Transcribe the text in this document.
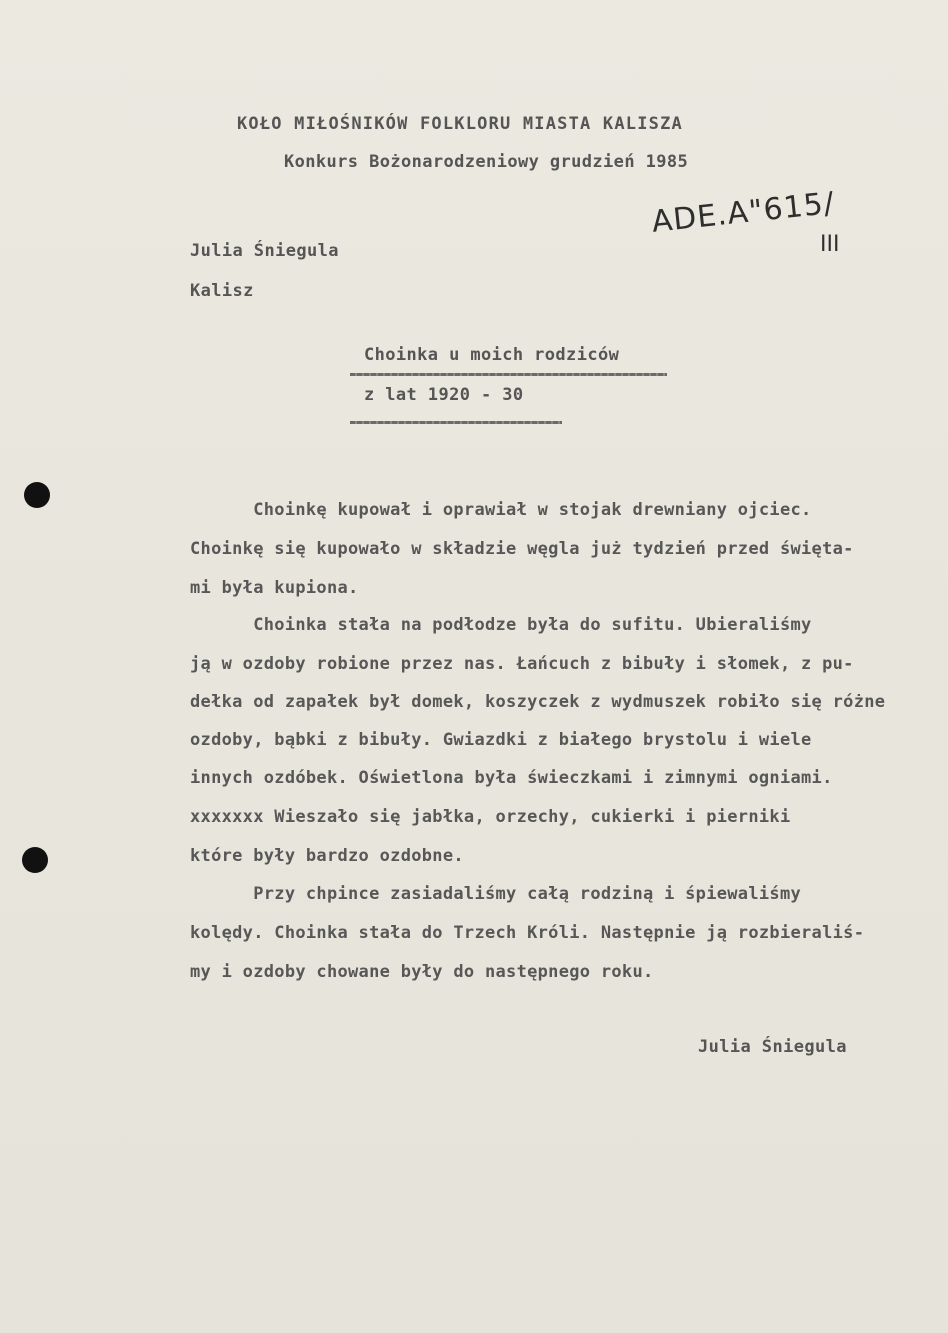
KOŁO MIŁOŚNIKÓW FOLKLORU MIASTA KALISZA
Konkurs Bożonarodzeniowy grudzień 1985
ADE.A"615/
III
Julia Śniegula
Kalisz
Choinka u moich rodziców
z lat 1920 - 30
Choinkę kupował i oprawiał w stojak drewniany ojciec.
Choinkę się kupowało w składzie węgla już tydzień przed świętа-
mi była kupiona.
Choinka stała na podłodze była do sufitu. Ubieraliśmy
ją w ozdoby robione przez nas. Łańcuch z bibuły i słomek, z pu-
dełka od zapałek był domek, koszyczek z wydmuszek robiło się różne
ozdoby, bąbki z bibuły. Gwiazdki z białego brystolu i wiele
innych ozdóbek. Oświetlona była świeczkami i zimnymi ogniami.
xxxxxxx Wieszało się jabłka, orzechy, cukierki i pierniki
które były bardzo ozdobne.
Przy chpince zasiadaliśmy całą rodziną i śpiewaliśmy
kolędy. Choinka stała do Trzech Króli. Następnie ją rozbieraliś-
my i ozdoby chowane były do następnego roku.
Julia Śniegula
